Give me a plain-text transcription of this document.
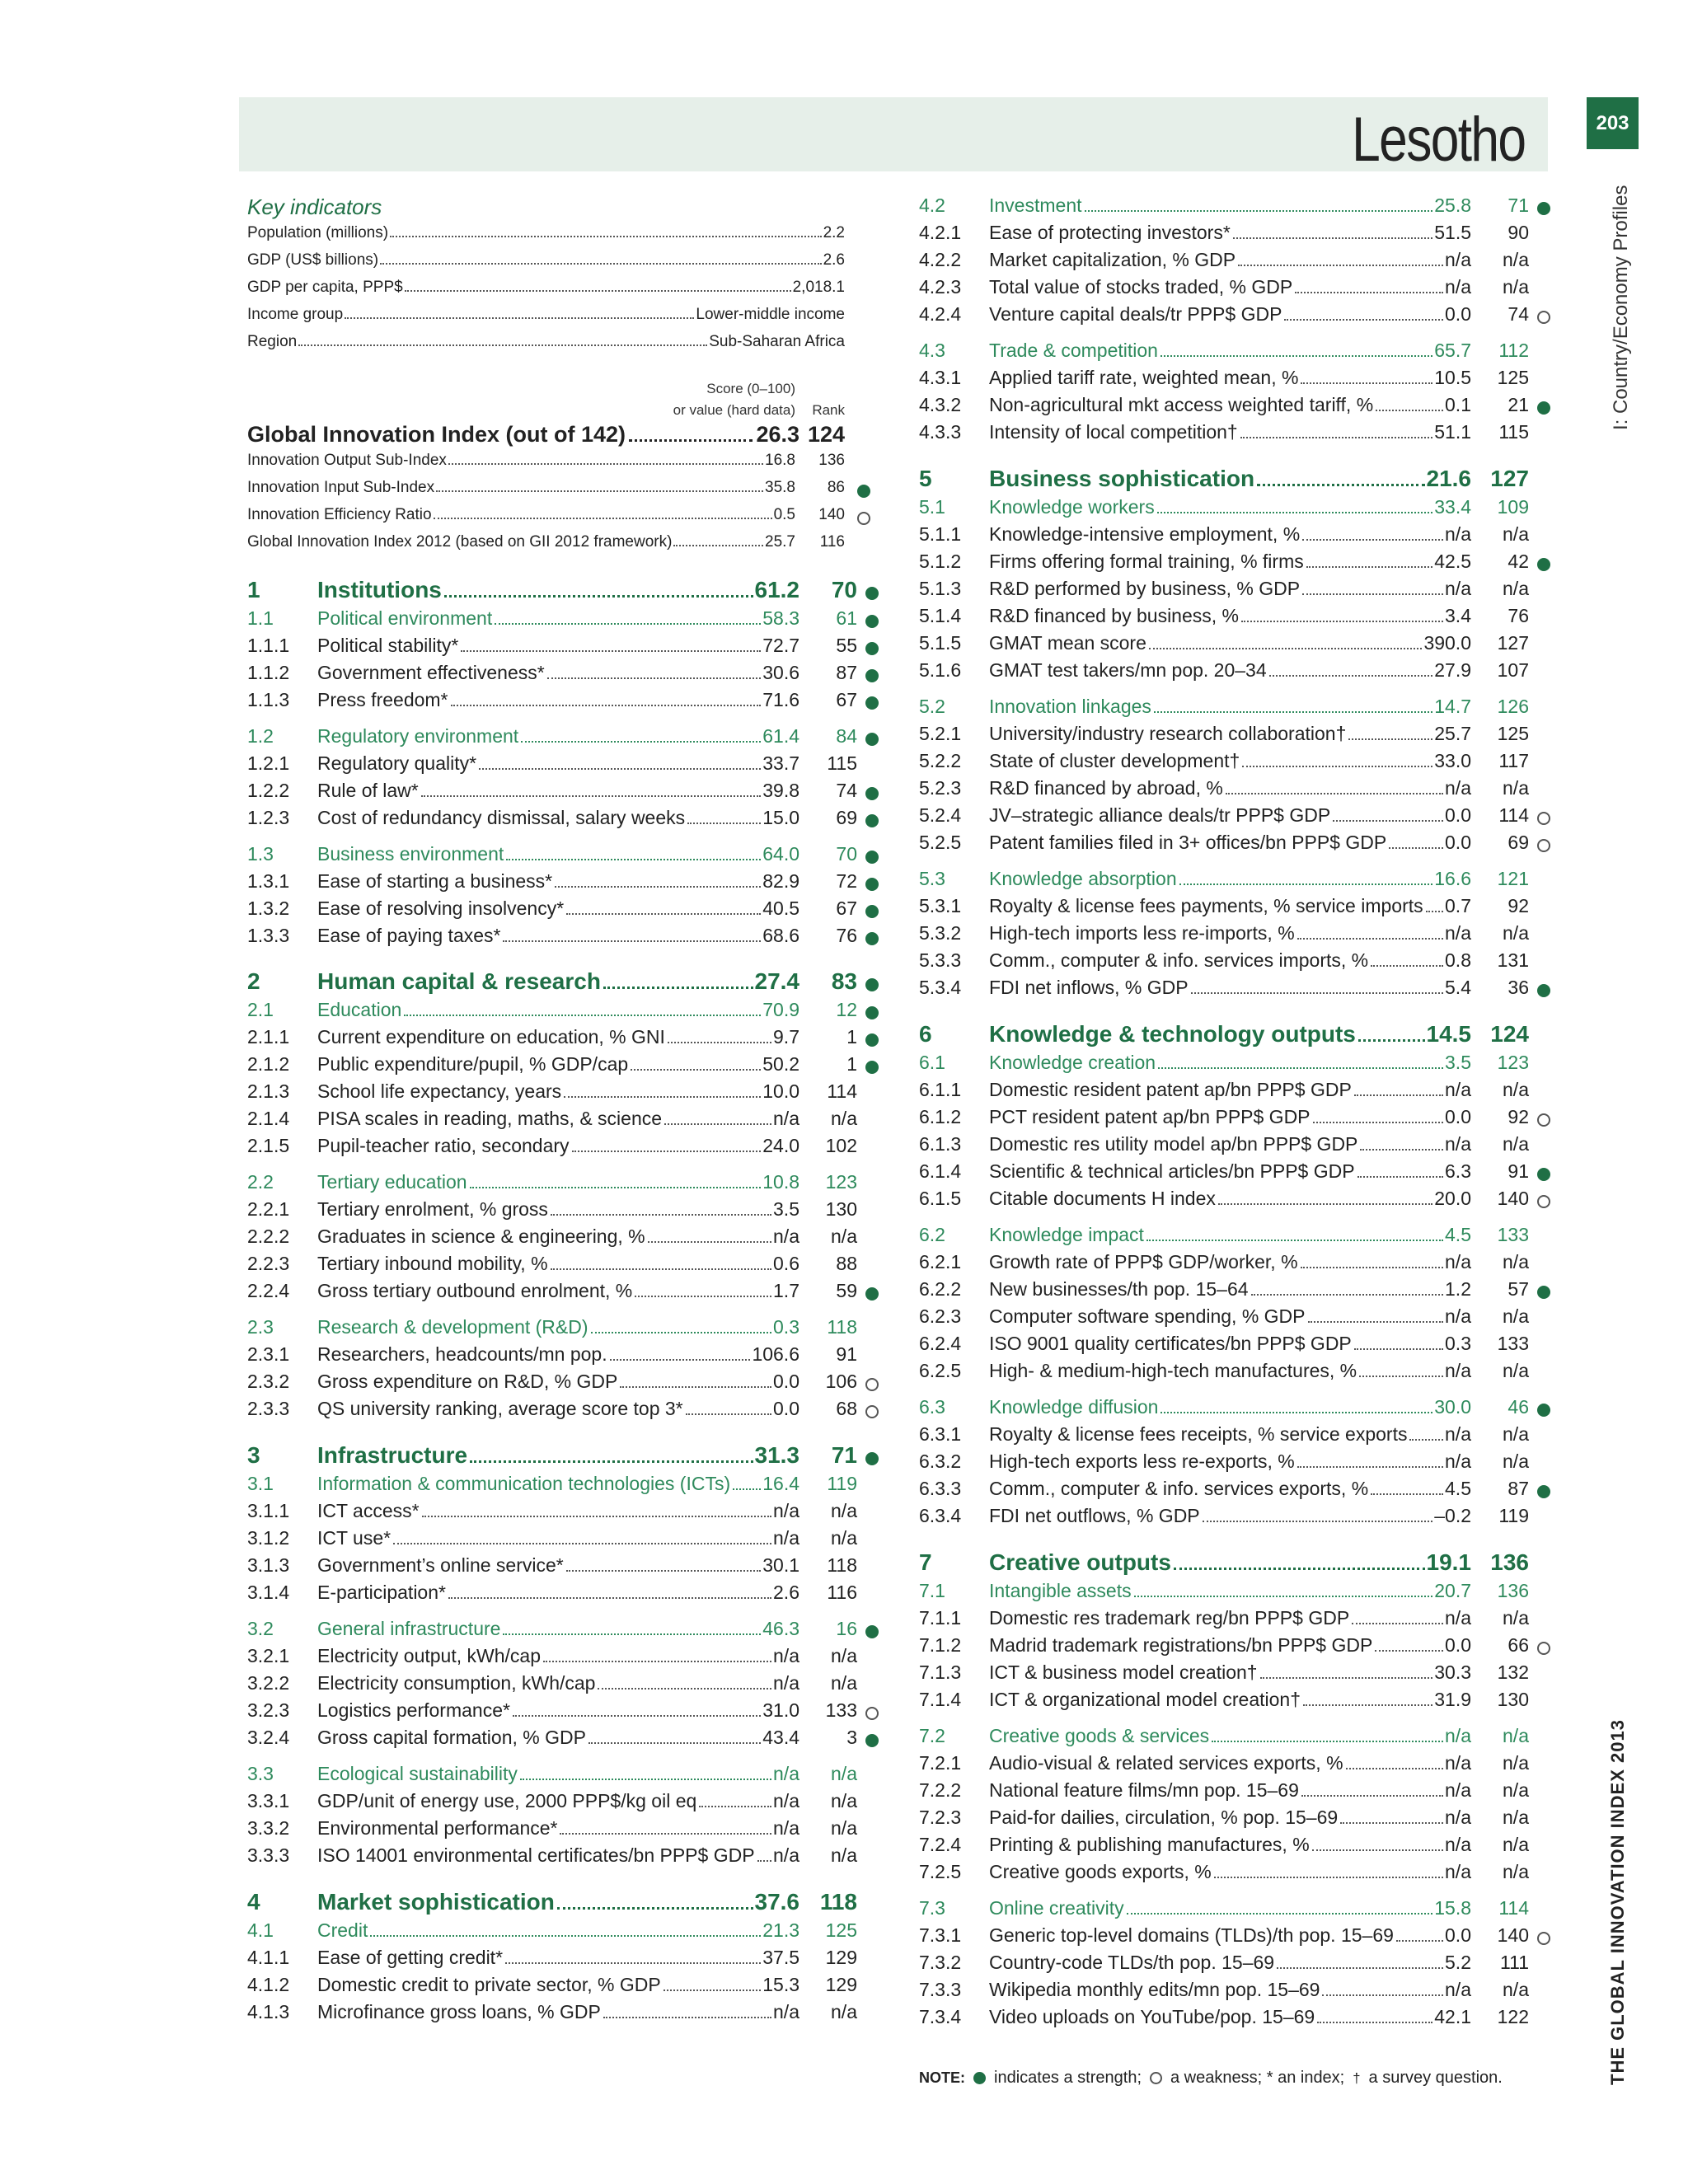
Lesotho	203
I: Country/Economy Profiles
THE GLOBAL INNOVATION INDEX 2013
Key indicators
Population (millions)	2.2
GDP (US$ billions)	2.6
GDP per capita, PPP$	2,018.1
Income group	Lower-middle income
Region	Sub-Saharan Africa
Score (0–100)
or value (hard data)	Rank
Global Innovation Index (out of 142)	26.3 124
Innovation Output Sub-Index	16.8	136
Innovation Input Sub-Index	35.8	86
Innovation Efficiency Ratio	0.5	140
Global Innovation Index 2012 (based on GII 2012 framework)	25.7	116
1	Institutions	61.2	70
1.1	Political environment	58.3	61
1.1.1	Political stability*	72.7	55
1.1.2	Government effectiveness*	30.6	87
1.1.3	Press freedom*	71.6	67
1.2	Regulatory environment	61.4	84
1.2.1	Regulatory quality*	33.7	115
1.2.2	Rule of law*	39.8	74
1.2.3	Cost of redundancy dismissal, salary weeks	15.0	69
1.3	Business environment	64.0	70
1.3.1	Ease of starting a business*	82.9	72
1.3.2	Ease of resolving insolvency*	40.5	67
1.3.3	Ease of paying taxes*	68.6	76
2	Human capital & research	27.4	83
2.1	Education	70.9	12
2.1.1	Current expenditure on education, % GNI	9.7	1
2.1.2	Public expenditure/pupil, % GDP/cap	50.2	1
2.1.3	School life expectancy, years	10.0	114
2.1.4	PISA scales in reading, maths, & science	n/a	n/a
2.1.5	Pupil-teacher ratio, secondary	24.0	102
2.2	Tertiary education	10.8	123
2.2.1	Tertiary enrolment, % gross	3.5	130
2.2.2	Graduates in science & engineering, %	n/a	n/a
2.2.3	Tertiary inbound mobility, %	0.6	88
2.2.4	Gross tertiary outbound enrolment, %	1.7	59
2.3	Research & development (R&D)	0.3	118
2.3.1	Researchers, headcounts/mn pop.	106.6	91
2.3.2	Gross expenditure on R&D, % GDP	0.0	106
2.3.3	QS university ranking, average score top 3*	0.0	68
3	Infrastructure	31.3	71
3.1	Information & communication technologies (ICTs) 16.4	119
3.1.1	ICT access*	n/a	n/a
3.1.2	ICT use*	n/a	n/a
3.1.3	Government’s online service*	30.1	118
3.1.4	E-participation*	2.6	116
3.2	General infrastructure	46.3	16
3.2.1	Electricity output, kWh/cap	n/a	n/a
3.2.2	Electricity consumption, kWh/cap	n/a	n/a
3.2.3	Logistics performance*	31.0	133
3.2.4	Gross capital formation, % GDP	43.4	3
3.3	Ecological sustainability	n/a	n/a
3.3.1	GDP/unit of energy use, 2000 PPP$/kg oil eq	n/a	n/a
3.3.2	Environmental performance*	n/a	n/a
3.3.3	ISO 14001 environmental certificates/bn PPP$ GDP n/a	n/a
4	Market sophistication	37.6 118
4.1	Credit	21.3	125
4.1.1	Ease of getting credit*	37.5	129
4.1.2	Domestic credit to private sector, % GDP	15.3	129
4.1.3	Microfinance gross loans, % GDP	n/a	n/a
4.2	Investment	25.8	71
4.2.1	Ease of protecting investors*	51.5	90
4.2.2	Market capitalization, % GDP	n/a	n/a
4.2.3	Total value of stocks traded, % GDP	n/a	n/a
4.2.4	Venture capital deals/tr PPP$ GDP	0.0	74
4.3	Trade & competition	65.7	112
4.3.1	Applied tariff rate, weighted mean, %	10.5	125
4.3.2	Non-agricultural mkt access weighted tariff, %	0.1	21
4.3.3	Intensity of local competition†	51.1	115
5	Business sophistication	21.6 127
5.1	Knowledge workers	33.4	109
5.1.1	Knowledge-intensive employment, %	n/a	n/a
5.1.2	Firms offering formal training, % firms	42.5	42
5.1.3	R&D performed by business, % GDP	n/a	n/a
5.1.4	R&D financed by business, %	3.4	76
5.1.5	GMAT mean score	390.0	127
5.1.6	GMAT test takers/mn pop. 20–34	27.9	107
5.2	Innovation linkages	14.7	126
5.2.1	University/industry research collaboration†	25.7	125
5.2.2	State of cluster development†	33.0	117
5.2.3	R&D financed by abroad, %	n/a	n/a
5.2.4	JV–strategic alliance deals/tr PPP$ GDP	0.0	114
5.2.5	Patent families filed in 3+ offices/bn PPP$ GDP	0.0	69
5.3	Knowledge absorption	16.6	121
5.3.1	Royalty & license fees payments, % service imports 0.7	92
5.3.2	High-tech imports less re-imports, %	n/a	n/a
5.3.3	Comm., computer & info. services imports, %	0.8	131
5.3.4	FDI net inflows, % GDP	5.4	36
6	Knowledge & technology outputs	14.5 124
6.1	Knowledge creation	3.5	123
6.1.1	Domestic resident patent ap/bn PPP$ GDP	n/a	n/a
6.1.2	PCT resident patent ap/bn PPP$ GDP	0.0	92
6.1.3	Domestic res utility model ap/bn PPP$ GDP	n/a	n/a
6.1.4	Scientific & technical articles/bn PPP$ GDP	6.3	91
6.1.5	Citable documents H index	20.0	140
6.2	Knowledge impact	4.5	133
6.2.1	Growth rate of PPP$ GDP/worker, %	n/a	n/a
6.2.2	New businesses/th pop. 15–64	1.2	57
6.2.3	Computer software spending, % GDP	n/a	n/a
6.2.4	ISO 9001 quality certificates/bn PPP$ GDP	0.3	133
6.2.5	High- & medium-high-tech manufactures, %	n/a	n/a
6.3	Knowledge diffusion	30.0	46
6.3.1	Royalty & license fees receipts, % service exports n/a	n/a
6.3.2	High-tech exports less re-exports, %	n/a	n/a
6.3.3	Comm., computer & info. services exports, %	4.5	87
6.3.4	FDI net outflows, % GDP	–0.2	119
7	Creative outputs	19.1 136
7.1	Intangible assets	20.7	136
7.1.1	Domestic res trademark reg/bn PPP$ GDP	n/a	n/a
7.1.2	Madrid trademark registrations/bn PPP$ GDP	0.0	66
7.1.3	ICT & business model creation†	30.3	132
7.1.4	ICT & organizational model creation†	31.9	130
7.2	Creative goods & services	n/a	n/a
7.2.1	Audio-visual & related services exports, %	n/a	n/a
7.2.2	National feature films/mn pop. 15–69	n/a	n/a
7.2.3	Paid-for dailies, circulation, % pop. 15–69	n/a	n/a
7.2.4	Printing & publishing manufactures, %	n/a	n/a
7.2.5	Creative goods exports, %	n/a	n/a
7.3	Online creativity	15.8	114
7.3.1	Generic top-level domains (TLDs)/th pop. 15–69	0.0	140
7.3.2	Country-code TLDs/th pop. 15–69	5.2	111
7.3.3	Wikipedia monthly edits/mn pop. 15–69	n/a	n/a
7.3.4	Video uploads on YouTube/pop. 15–69	42.1	122
NOTE: indicates a strength; a weakness; * an index; † a survey question.
